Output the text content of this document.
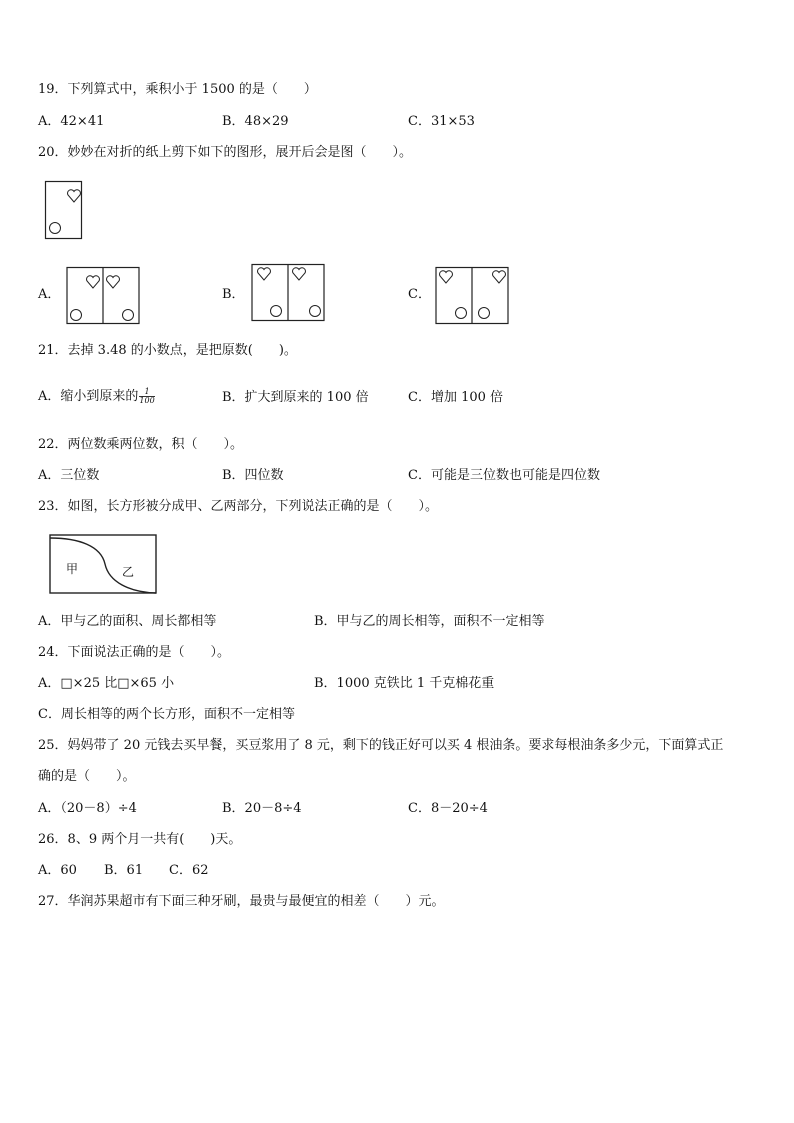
19．下列算式中，乘积小于 1500 的是（　　）
A．42×41	B．48×29	C．31×53
20．妙妙在对折的纸上剪下如下的图形，展开后会是图（　　）。
A．	B．	C．
21．去掉 3.48 的小数点，是把原数(　　)。
A．缩小到原来的 $\frac{1}{100}$	B．扩大到原来的 100 倍	C．增加 100 倍
22．两位数乘两位数，积（　　）。
A．三位数	B．四位数	C．可能是三位数也可能是四位数
23．如图，长方形被分成甲、乙两部分，下列说法正确的是（　　）。
甲	乙
A．甲与乙的面积、周长都相等	B．甲与乙的周长相等，面积不一定相等
24．下面说法正确的是（　　）。
A．□×25 比□×65 小	B．1000 克铁比 1 千克棉花重
C．周长相等的两个长方形，面积不一定相等
25．妈妈带了 20 元钱去买早餐，买豆浆用了 8 元，剩下的钱正好可以买 4 根油条。要求每根油条多少元，下面算式正
确的是（　　）。
A．（20－8）÷4	B．20－8÷4	C．8－20÷4
26．8、9 两个月一共有(　　)天。
A．60 B．61 C．62
27．华润苏果超市有下面三种牙刷，最贵与最便宜的相差（　　）元。
